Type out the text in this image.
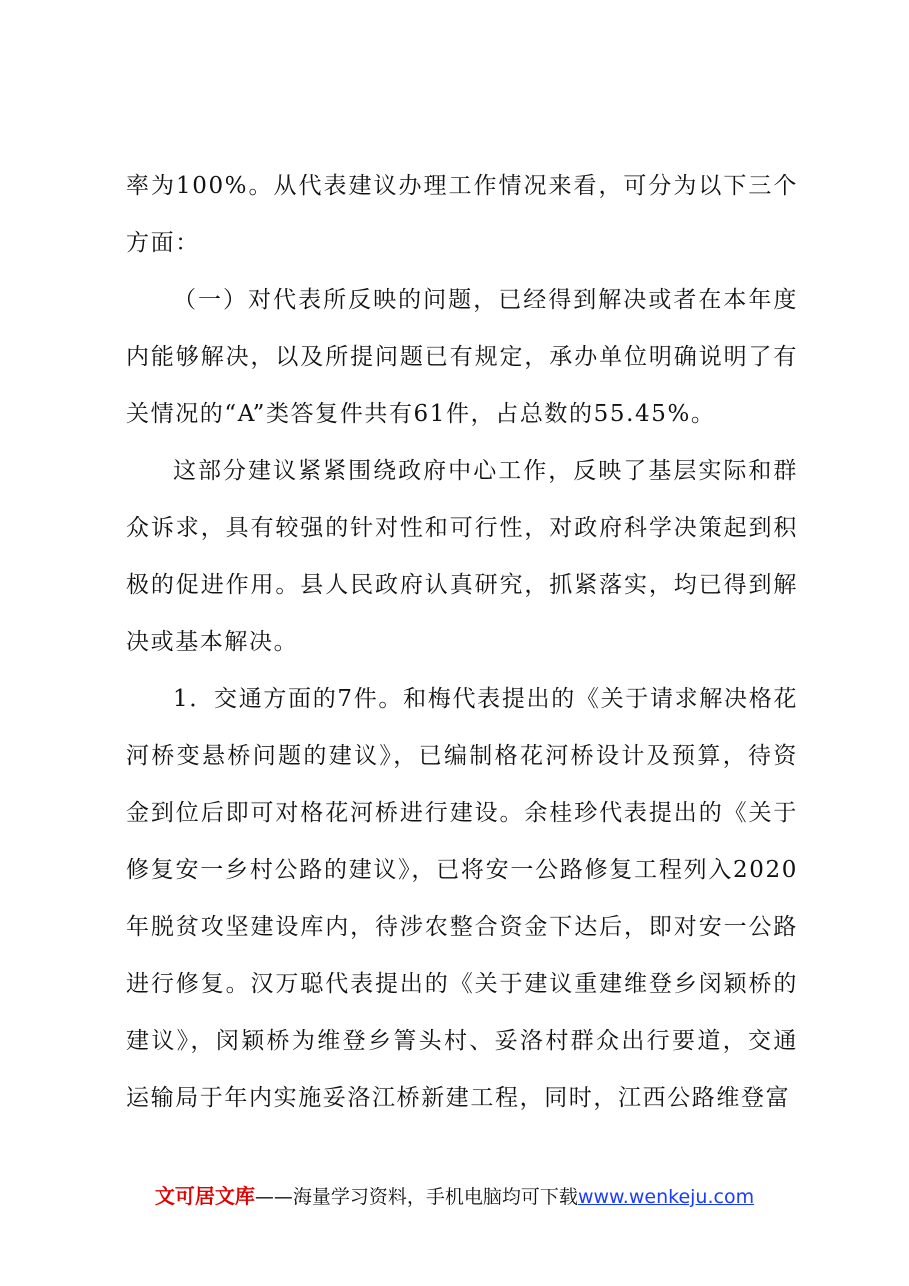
率为100%。从代表建议办理工作情况来看，可分为以下三个方面：

（一）对代表所反映的问题，已经得到解决或者在本年度内能够解决，以及所提问题已有规定，承办单位明确说明了有关情况的“A”类答复件共有61件，占总数的55.45%。

这部分建议紧紧围绕政府中心工作，反映了基层实际和群众诉求，具有较强的针对性和可行性，对政府科学决策起到积极的促进作用。县人民政府认真研究，抓紧落实，均已得到解决或基本解决。

1．交通方面的7件。和梅代表提出的《关于请求解决格花河桥变悬桥问题的建议》，已编制格花河桥设计及预算，待资金到位后即可对格花河桥进行建设。余桂珍代表提出的《关于修复安一乡村公路的建议》，已将安一公路修复工程列入2020年脱贫攻坚建设库内，待涉农整合资金下达后，即对安一公路进行修复。汉万聪代表提出的《关于建议重建维登乡闵颖桥的建议》，闵颖桥为维登乡箐头村、妥洛村群众出行要道，交通运输局于年内实施妥洛江桥新建工程，同时，江西公路维登富

文可居文库——海量学习资料，手机电脑均可下载www.wenkeju.com
